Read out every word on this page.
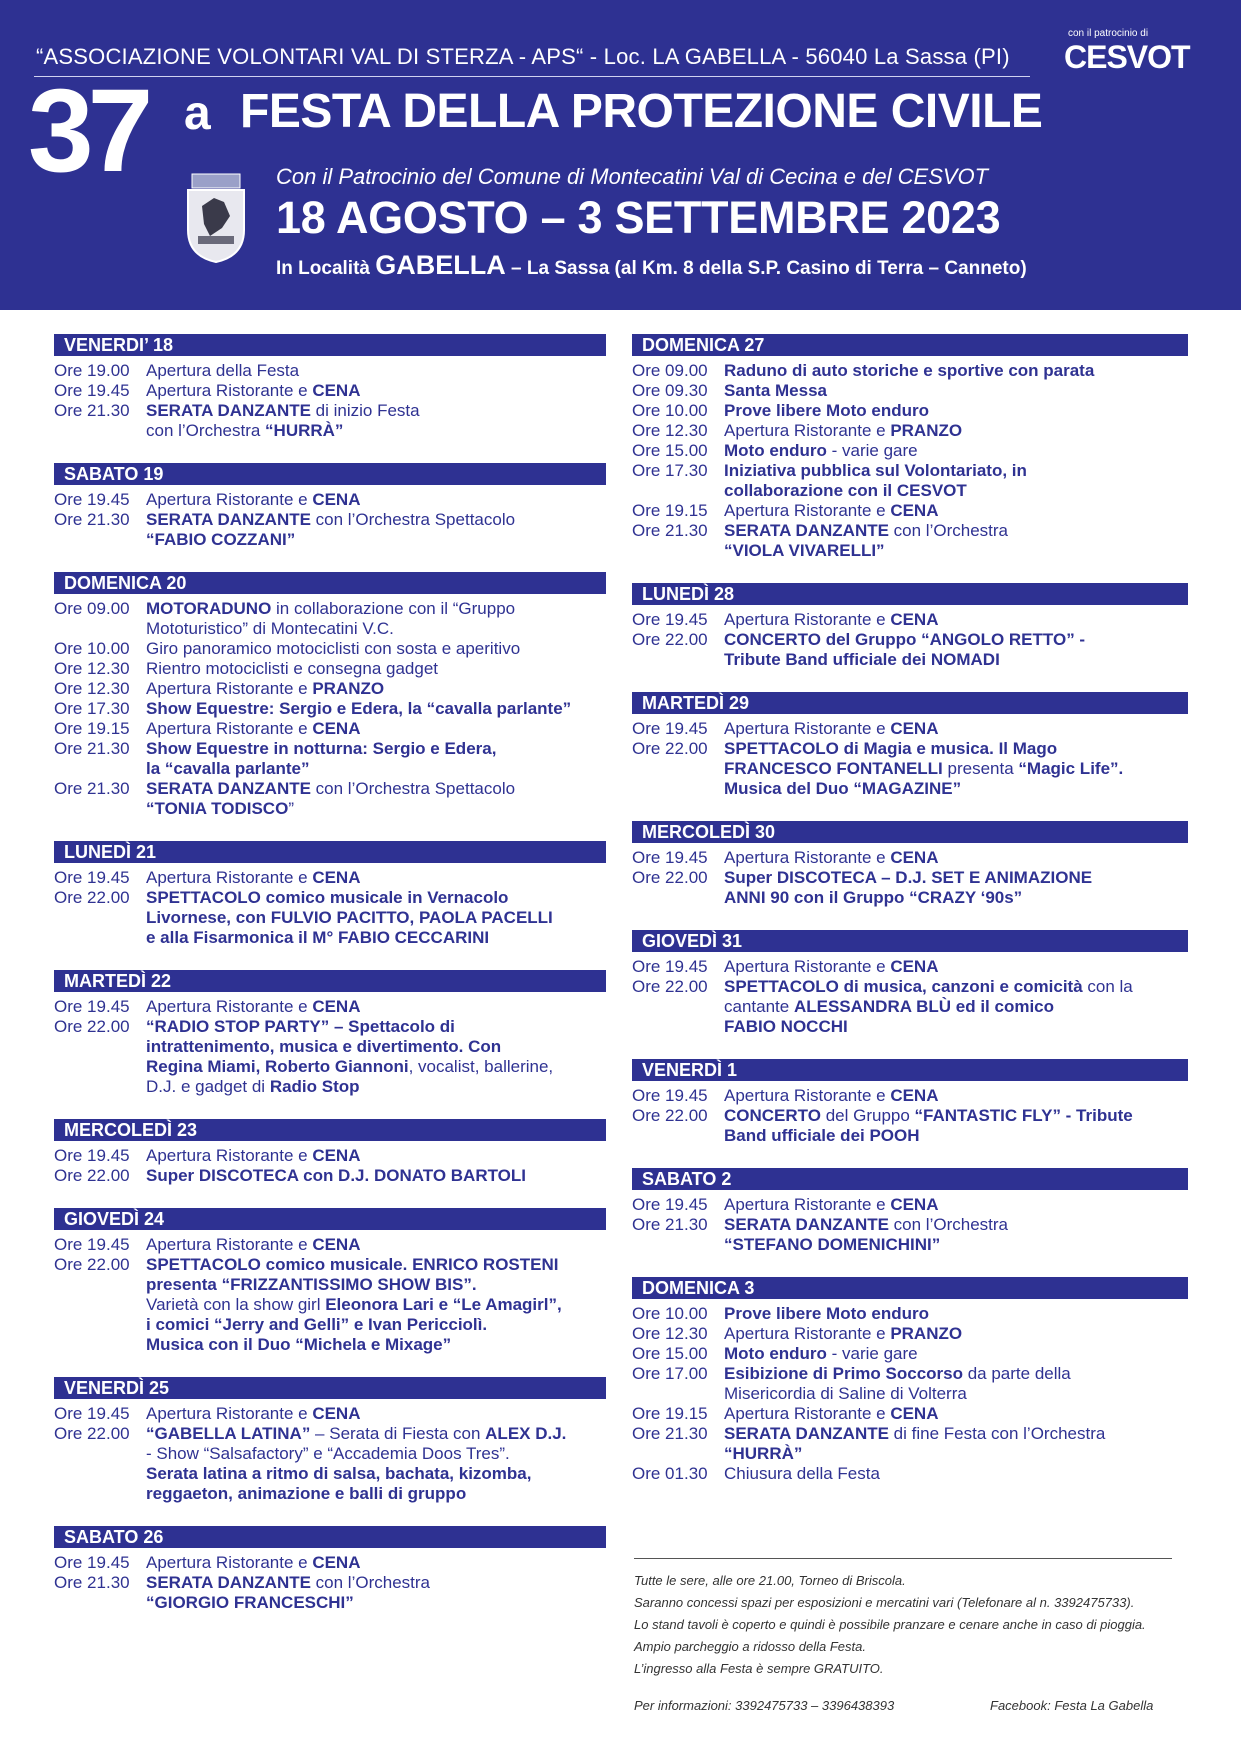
“ASSOCIAZIONE VOLONTARI VAL DI STERZA - APS“ - Loc. LA GABELLA - 56040 La Sassa (PI)
con il patrocinio di
CESVOT
37 a FESTA DELLA PROTEZIONE CIVILE
Con il Patrocinio del Comune di Montecatini Val di Cecina e del CESVOT
18 AGOSTO – 3 SETTEMBRE 2023
In Località GABELLA – La Sassa (al Km. 8 della S.P. Casino di Terra – Canneto)
VENERDI’ 18
Ore 19.00 Apertura della Festa
Ore 19.45 Apertura Ristorante e CENA
Ore 21.30 SERATA DANZANTE di inizio Festa
con l’Orchestra “HURRÀ”
SABATO 19
Ore 19.45 Apertura Ristorante e CENA
Ore 21.30 SERATA DANZANTE con l’Orchestra Spettacolo
“FABIO COZZANI”
DOMENICA 20
Ore 09.00 MOTORADUNO in collaborazione con il “Gruppo
Mototuristico” di Montecatini V.C.
Ore 10.00 Giro panoramico motociclisti con sosta e aperitivo
Ore 12.30 Rientro motociclisti e consegna gadget
Ore 12.30 Apertura Ristorante e PRANZO
Ore 17.30 Show Equestre: Sergio e Edera, la “cavalla parlante”
Ore 19.15 Apertura Ristorante e CENA
Ore 21.30 Show Equestre in notturna: Sergio e Edera,
la “cavalla parlante”
Ore 21.30 SERATA DANZANTE con l’Orchestra Spettacolo
“TONIA TODISCO”
LUNEDÌ 21
Ore 19.45 Apertura Ristorante e CENA
Ore 22.00 SPETTACOLO comico musicale in Vernacolo
Livornese, con FULVIO PACITTO, PAOLA PACELLI
e alla Fisarmonica il M° FABIO CECCARINI
MARTEDÌ 22
Ore 19.45 Apertura Ristorante e CENA
Ore 22.00 “RADIO STOP PARTY” – Spettacolo di
intrattenimento, musica e divertimento. Con
Regina Miami, Roberto Giannoni, vocalist, ballerine,
D.J. e gadget di Radio Stop
MERCOLEDÌ 23
Ore 19.45 Apertura Ristorante e CENA
Ore 22.00 Super DISCOTECA con D.J. DONATO BARTOLI
GIOVEDÌ 24
Ore 19.45 Apertura Ristorante e CENA
Ore 22.00 SPETTACOLO comico musicale. ENRICO ROSTENI
presenta “FRIZZANTISSIMO SHOW BIS”.
Varietà con la show girl Eleonora Lari e “Le Amagirl”,
i comici “Jerry and Gelli” e Ivan Pericciolì.
Musica con il Duo “Michela e Mixage”
VENERDÌ 25
Ore 19.45 Apertura Ristorante e CENA
Ore 22.00 “GABELLA LATINA” – Serata di Fiesta con ALEX D.J.
- Show “Salsafactory” e “Accademia Doos Tres”.
Serata latina a ritmo di salsa, bachata, kizomba,
reggaeton, animazione e balli di gruppo
SABATO 26
Ore 19.45 Apertura Ristorante e CENA
Ore 21.30 SERATA DANZANTE con l’Orchestra
“GIORGIO FRANCESCHI”
DOMENICA 27
Ore 09.00 Raduno di auto storiche e sportive con parata
Ore 09.30 Santa Messa
Ore 10.00 Prove libere Moto enduro
Ore 12.30 Apertura Ristorante e PRANZO
Ore 15.00 Moto enduro - varie gare
Ore 17.30 Iniziativa pubblica sul Volontariato, in
collaborazione con il CESVOT
Ore 19.15 Apertura Ristorante e CENA
Ore 21.30 SERATA DANZANTE con l’Orchestra
“VIOLA VIVARELLI”
LUNEDÌ 28
Ore 19.45 Apertura Ristorante e CENA
Ore 22.00 CONCERTO del Gruppo “ANGOLO RETTO” -
Tribute Band ufficiale dei NOMADI
MARTEDÌ 29
Ore 19.45 Apertura Ristorante e CENA
Ore 22.00 SPETTACOLO di Magia e musica. Il Mago
FRANCESCO FONTANELLI presenta “Magic Life”.
Musica del Duo “MAGAZINE”
MERCOLEDÌ 30
Ore 19.45 Apertura Ristorante e CENA
Ore 22.00 Super DISCOTECA – D.J. SET E ANIMAZIONE
ANNI 90 con il Gruppo “CRAZY ‘90s”
GIOVEDÌ 31
Ore 19.45 Apertura Ristorante e CENA
Ore 22.00 SPETTACOLO di musica, canzoni e comicità con la
cantante ALESSANDRA BLÙ ed il comico
FABIO NOCCHI
VENERDÌ 1
Ore 19.45 Apertura Ristorante e CENA
Ore 22.00 CONCERTO del Gruppo “FANTASTIC FLY” - Tribute
Band ufficiale dei POOH
SABATO 2
Ore 19.45 Apertura Ristorante e CENA
Ore 21.30 SERATA DANZANTE con l’Orchestra
“STEFANO DOMENICHINI”
DOMENICA 3
Ore 10.00 Prove libere Moto enduro
Ore 12.30 Apertura Ristorante e PRANZO
Ore 15.00 Moto enduro - varie gare
Ore 17.00 Esibizione di Primo Soccorso da parte della
Misericordia di Saline di Volterra
Ore 19.15 Apertura Ristorante e CENA
Ore 21.30 SERATA DANZANTE di fine Festa con l’Orchestra
“HURRÀ”
Ore 01.30 Chiusura della Festa
Tutte le sere, alle ore 21.00, Torneo di Briscola.
Saranno concessi spazi per esposizioni e mercatini vari (Telefonare al n. 3392475733).
Lo stand tavoli è coperto e quindi è possibile pranzare e cenare anche in caso di pioggia.
Ampio parcheggio a ridosso della Festa.
L’ingresso alla Festa è sempre GRATUITO.
Per informazioni: 3392475733 – 3396438393	Facebook: Festa La Gabella
